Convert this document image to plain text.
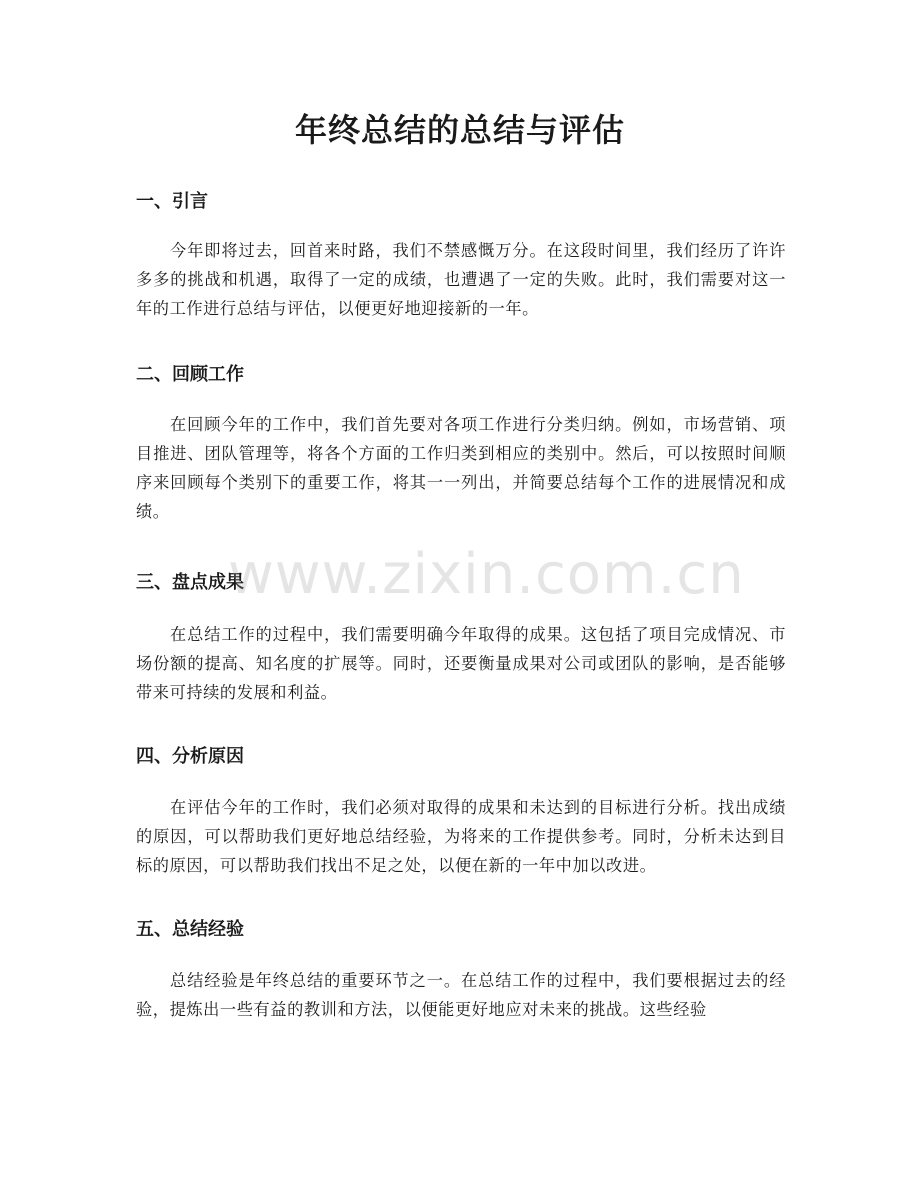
年终总结的总结与评估
一、引言
今年即将过去，回首来时路，我们不禁感慨万分。在这段时间里，我们经历了许许多多的挑战和机遇，取得了一定的成绩，也遭遇了一定的失败。此时，我们需要对这一年的工作进行总结与评估，以便更好地迎接新的一年。
二、回顾工作
在回顾今年的工作中，我们首先要对各项工作进行分类归纳。例如，市场营销、项目推进、团队管理等，将各个方面的工作归类到相应的类别中。然后，可以按照时间顺序来回顾每个类别下的重要工作，将其一一列出，并简要总结每个工作的进展情况和成绩。
三、盘点成果
在总结工作的过程中，我们需要明确今年取得的成果。这包括了项目完成情况、市场份额的提高、知名度的扩展等。同时，还要衡量成果对公司或团队的影响，是否能够带来可持续的发展和利益。
四、分析原因
在评估今年的工作时，我们必须对取得的成果和未达到的目标进行分析。找出成绩的原因，可以帮助我们更好地总结经验，为将来的工作提供参考。同时，分析未达到目标的原因，可以帮助我们找出不足之处，以便在新的一年中加以改进。
五、总结经验
总结经验是年终总结的重要环节之一。在总结工作的过程中，我们要根据过去的经验，提炼出一些有益的教训和方法，以便能更好地应对未来的挑战。这些经验
www.zixin.com.cn
